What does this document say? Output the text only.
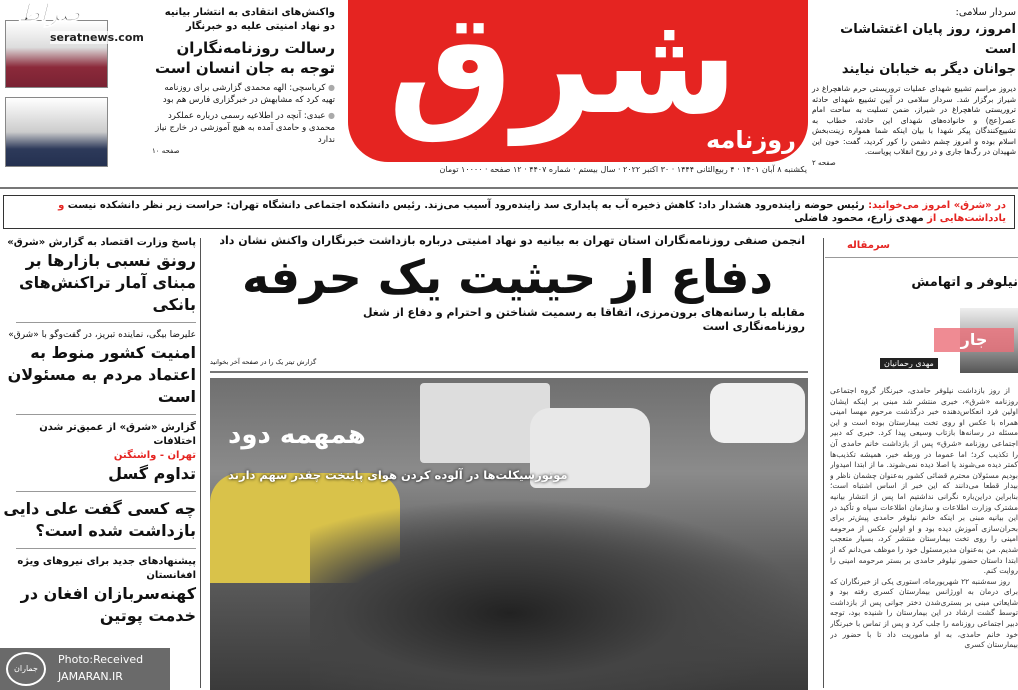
صراط
seratnews.com
واکنش‌های انتقادی به انتشار بیانیه دو نهاد امنیتی علیه دو خبرنگار
رسالت روزنامه‌نگاران
توجه به جان انسان است
● کرباسچی: الهه محمدی گزارشی برای روزنامه تهیه کرد که مشابهش در خبرگزاری فارس هم بود
● عبدی: آنچه در اطلاعیه رسمی درباره عملکرد محمدی و حامدی آمده به هیچ آموزشی در خارج نیاز ندارد
صفحه ۱۰
شرق
روزنامه
یکشنبه ۸ آبان ۱۴۰۱ · ۴ ربیع‌الثانی ۱۴۴۴ · ۳۰ اکتبر ۲۰۲۲ · سال بیستم · شماره ۴۴۰۷ · ۱۲ صفحه · ۱۰۰۰۰ تومان
سردار سلامی:
امروز، روز پایان اغتشاشات است
جوانان دیگر به خیابان نیایند
دیروز مراسم تشییع شهدای عملیات تروریستی حرم شاهچراغ در شیراز برگزار شد. سردار سلامی در آیین تشییع شهدای حادثه تروریستی شاهچراغ در شیراز، ضمن تسلیت به ساحت امام عصر(عج) و خانواده‌های شهدای این حادثه، خطاب به تشییع‌کنندگان پیکر شهدا با بیان اینکه شما همواره زینت‌بخش اسلام بوده و امروز چشم دشمن را کور کردید، گفت: خون این شهیدان در رگ‌ها جاری و در روح انقلاب پویاست.
صفحه ۲
در «شرق» امروز می‌خوانید: رئیس حوضه زاینده‌رود هشدار داد: کاهش ذخیره آب به پایداری سد زاینده‌رود آسیب می‌زند. رئیس دانشکده اجتماعی دانشگاه تهران: حراست زیر نظر دانشکده نیست و یادداشت‌هایی از مهدی زارع، محمود فاضلی
پاسخ وزارت اقتصاد به گزارش «شرق»
رونق نسبی بازارها بر مبنای آمار تراکنش‌های بانکی
علیرضا بیگی، نماینده تبریز، در گفت‌وگو با «شرق»
امنیت کشور منوط به اعتماد مردم به مسئولان است
گزارش «شرق» از عمیق‌تر شدن اختلافات
تهران - واشنگتن
تداوم گسل
چه کسی گفت علی دایی بازداشت شده است؟
پیشنهادهای جدید برای نیروهای ویژه افغانستان
کهنه‌سربازان افغان در خدمت پوتین
انجمن صنفی روزنامه‌نگاران استان تهران به بیانیه دو نهاد امنیتی درباره بازداشت خبرنگاران واکنش نشان داد
دفاع از حیثیت یک حرفه
مقابله با رسانه‌های برون‌مرزی، اتفاقا به رسمیت شناختن و احترام و دفاع از شغل روزنامه‌نگاری است
گزارش تیتر یک را در صفحه آخر بخوانید
همهمه دود
موتورسیکلت‌ها در آلوده کردن هوای پایتخت چقدر سهم دارند
سرمقاله
نیلوفر و اتهامش
جار
مهدی رحمانیان

از روز بازداشت نیلوفر حامدی، خبرنگار گروه اجتماعی روزنامه «شرق»، خبری منتشر شد مبنی بر اینکه ایشان اولین فرد انعکاس‌دهنده خبر درگذشت مرحوم مهسا امینی همراه با عکس او روی تخت بیمارستان بوده است و این مسئله در رسانه‌ها بازتاب وسیعی پیدا کرد. خبری که دبیر اجتماعی روزنامه «شرق» پس از بازداشت خانم حامدی آن را تکذیب کرد؛ اما عموما در ورطه خبر، همیشه تکذیب‌ها کمتر دیده می‌شوند یا اصلا دیده نمی‌شوند. ما از ابتدا امیدوار بودیم مسئولان محترم قضائی کشور به‌عنوان چشمان ناظر و بیدار قطعا می‌دانند که این خبر از اساس اشتباه است؛ بنابراین دراین‌باره نگرانی نداشتیم اما پس از انتشار بیانیه مشترک وزارت اطلاعات و سازمان اطلاعات سپاه و تأکید در این بیانیه مبنی بر اینکه خانم نیلوفر حامدی پیش‌تر برای بحران‌سازی آموزش دیده بود و او اولین عکس از مرحومه امینی را روی تخت بیمارستان منتشر کرد، بسیار متعجب شدیم. من به‌عنوان مدیرمسئول خود را موظف می‌دانم که از ابتدا داستان حضور نیلوفر حامدی بر بستر مرحومه امینی را روایت کنم.

روز سه‌شنبه ۲۲ شهریورماه، استوری یکی از خبرنگاران که برای درمان به اورژانس بیمارستان کسری رفته بود و شایعاتی مبنی بر بستری‌شدن دختر جوانی پس از بازداشت توسط گشت ارشاد در این بیمارستان را شنیده بود، توجه دبیر اجتماعی روزنامه را جلب کرد و پس از تماس با خبرنگار خود خانم حامدی، به او ماموریت داد تا با حضور در بیمارستان کسری

جماران
Photo:Received
JAMARAN.IR
